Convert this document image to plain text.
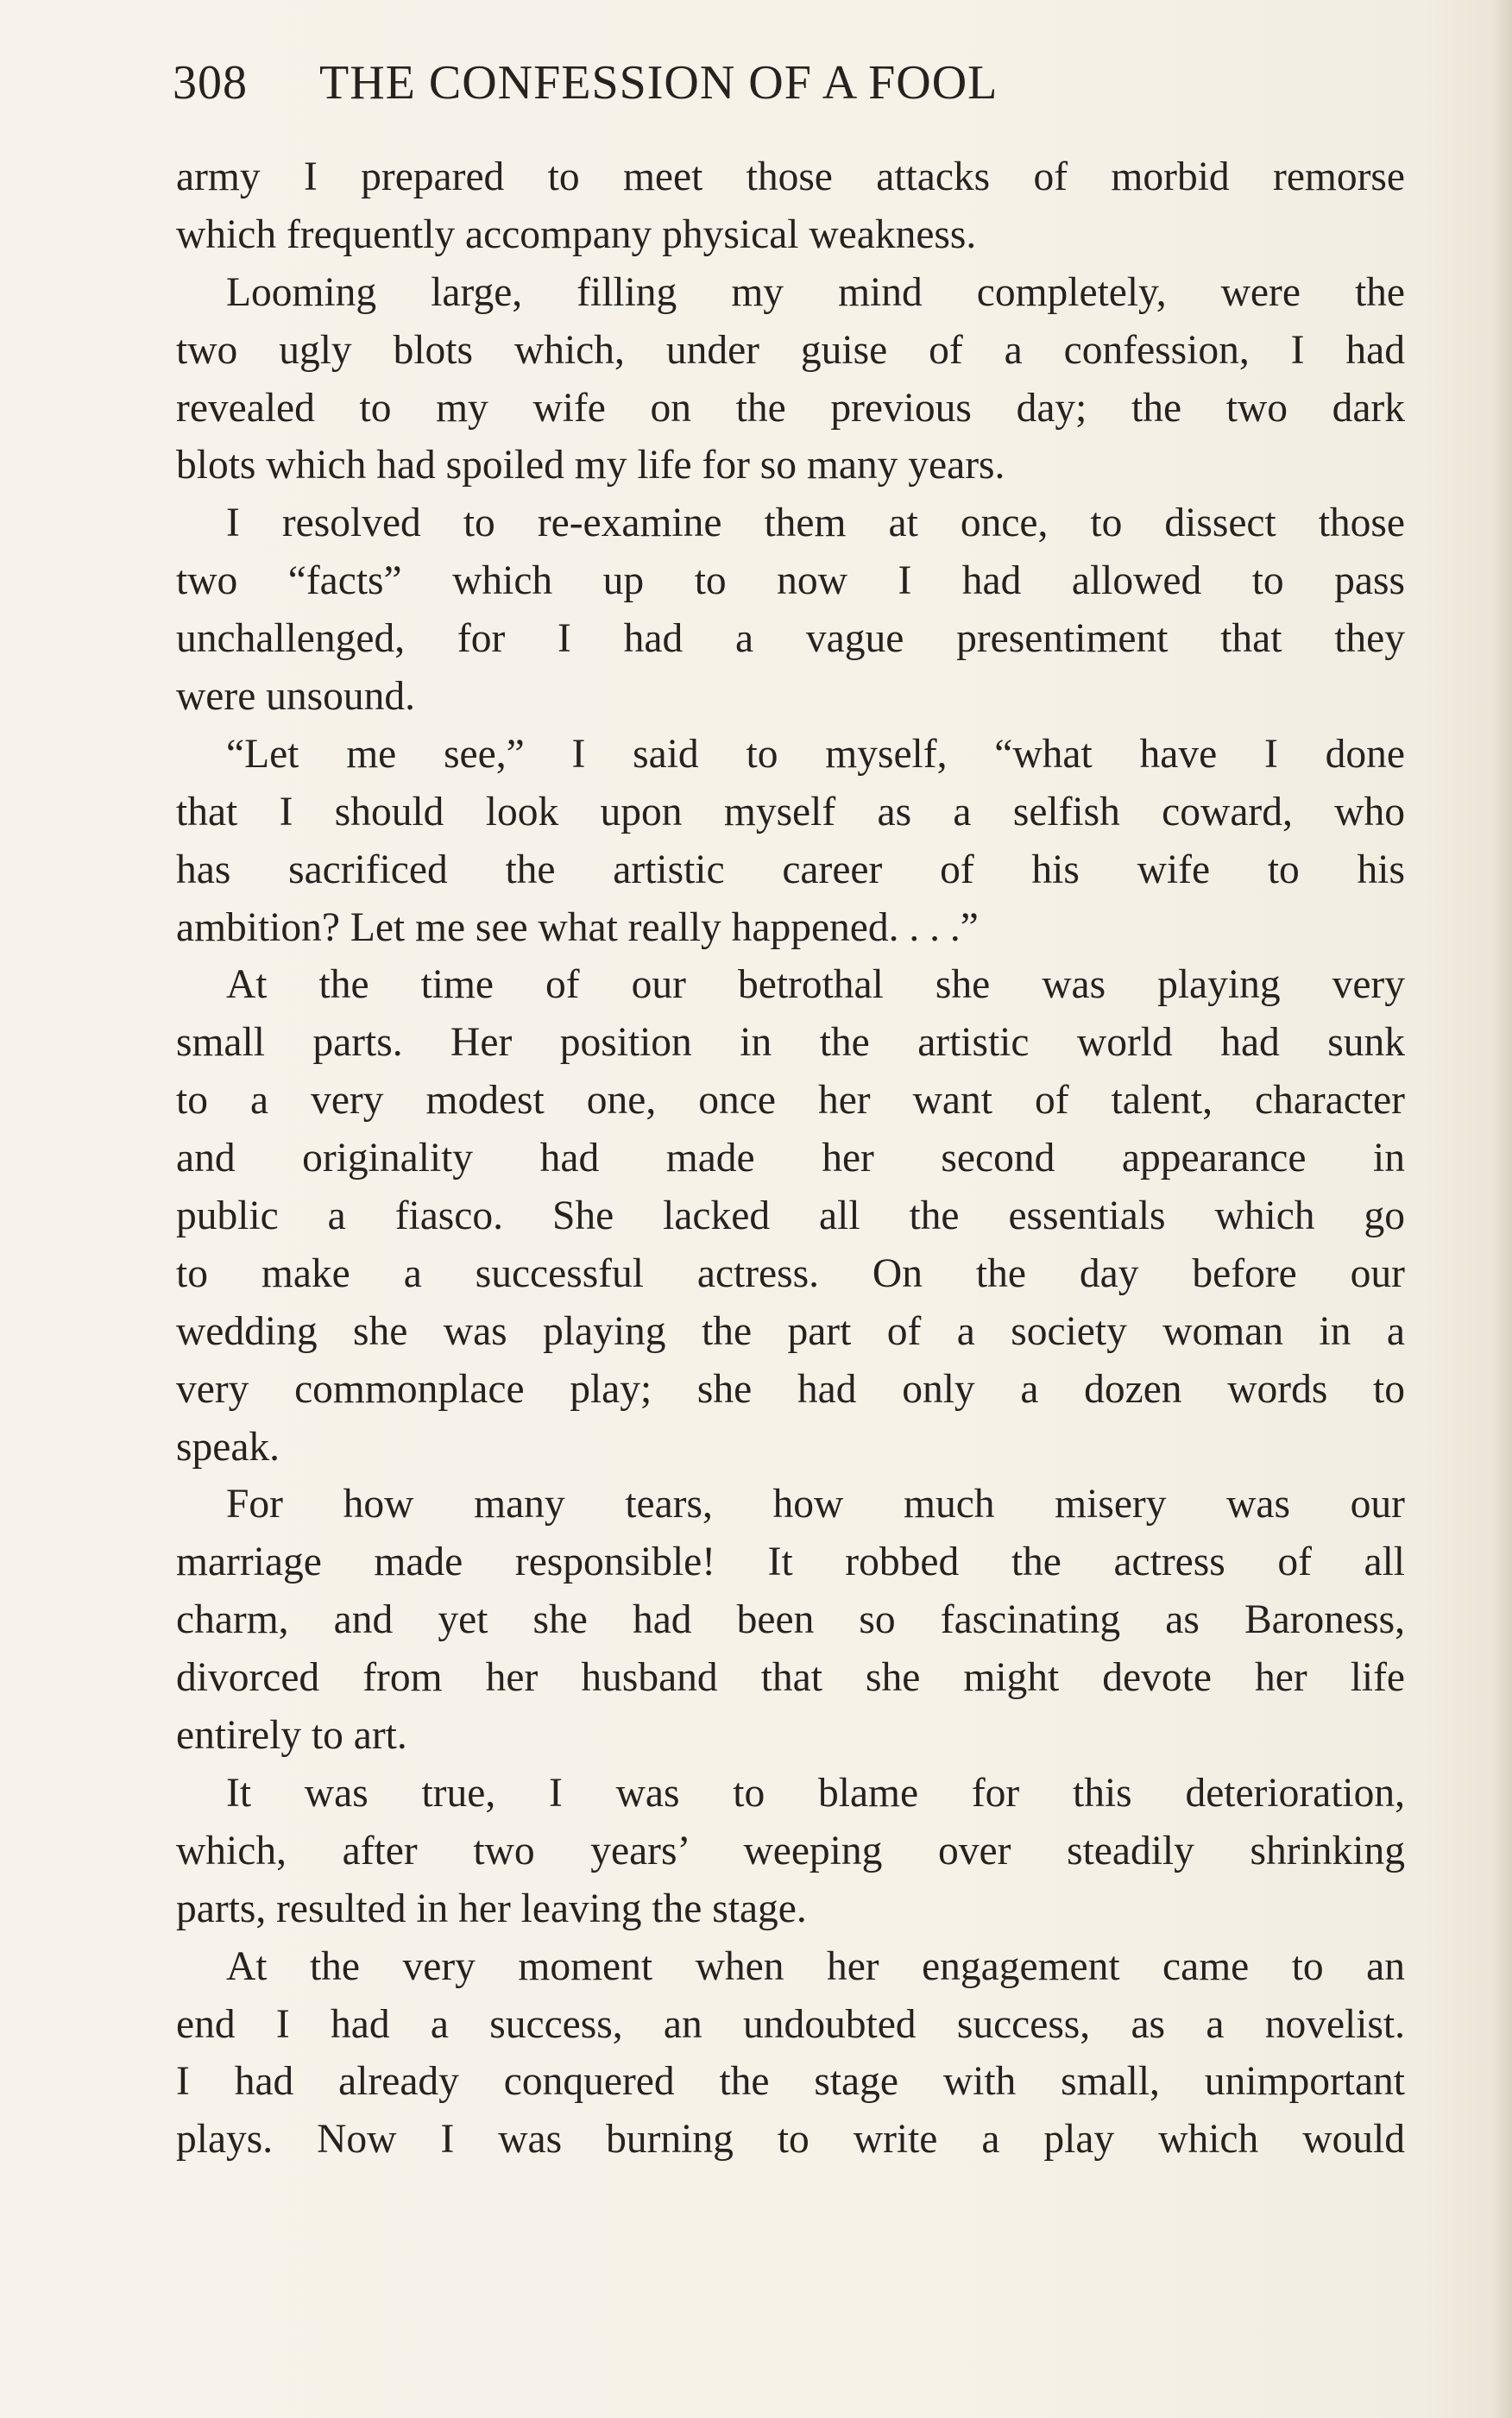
308 THE CONFESSION OF A FOOL
army I prepared to meet those attacks of morbid remorse
which frequently accompany physical weakness.
Looming large, filling my mind completely, were the
two ugly blots which, under guise of a confession, I had
revealed to my wife on the previous day; the two dark
blots which had spoiled my life for so many years.
I resolved to re-examine them at once, to dissect those
two “facts” which up to now I had allowed to pass
unchallenged, for I had a vague presentiment that they
were unsound.
“Let me see,” I said to myself, “what have I done
that I should look upon myself as a selfish coward, who
has sacrificed the artistic career of his wife to his
ambition? Let me see what really happened. . . .”
At the time of our betrothal she was playing very
small parts. Her position in the artistic world had sunk
to a very modest one, once her want of talent, character
and originality had made her second appearance in
public a fiasco. She lacked all the essentials which go
to make a successful actress. On the day before our
wedding she was playing the part of a society woman in a
very commonplace play; she had only a dozen words to
speak.
For how many tears, how much misery was our
marriage made responsible! It robbed the actress of all
charm, and yet she had been so fascinating as Baroness,
divorced from her husband that she might devote her life
entirely to art.
It was true, I was to blame for this deterioration,
which, after two years’ weeping over steadily shrinking
parts, resulted in her leaving the stage.
At the very moment when her engagement came to an
end I had a success, an undoubted success, as a novelist.
I had already conquered the stage with small, unimportant
plays. Now I was burning to write a play which would
